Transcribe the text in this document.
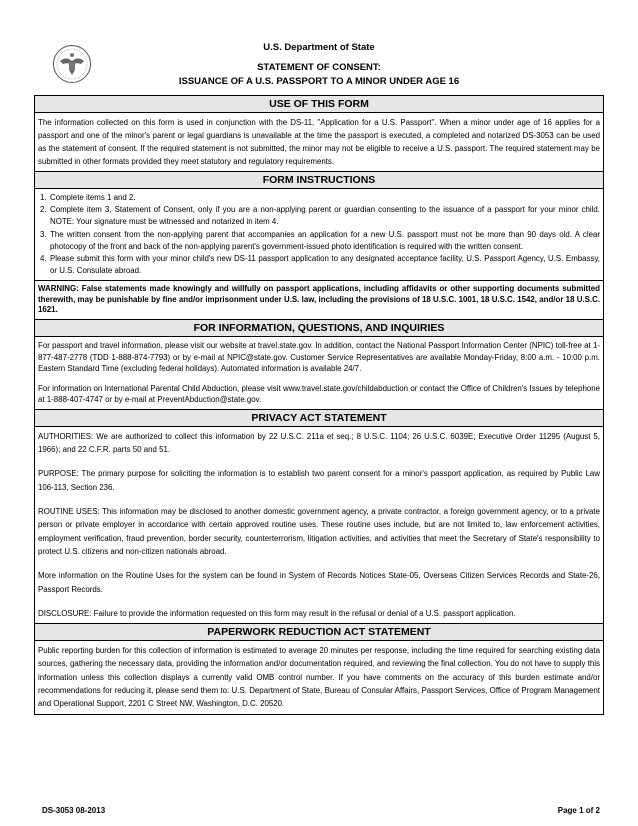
U.S. Department of State
STATEMENT OF CONSENT:
ISSUANCE OF A U.S. PASSPORT TO A MINOR UNDER AGE 16
USE OF THIS FORM

The information collected on this form is used in conjunction with the DS-11, "Application for a U.S. Passport". When a minor under age of 16 applies for a passport and one of the minor's parent or legal guardians is unavailable at the time the passport is executed, a completed and notarized DS-3053 can be used as the statement of consent. If the required statement is not submitted, the minor may not be eligible to receive a U.S. passport. The required statement may be submitted in other formats provided they meet statutory and regulatory requirements.

FORM INSTRUCTIONS
1. Complete items 1 and 2.
2. Complete item 3, Statement of Consent, only if you are a non-applying parent or guardian consenting to the issuance of a passport for your minor child. NOTE: Your signature must be witnessed and notarized in item 4.
3. The written consent from the non-applying parent that accompanies an application for a new U.S. passport must not be more than 90 days old. A clear photocopy of the front and back of the non-applying parent's government-issued photo identification is required with the written consent.
4. Please submit this form with your minor child's new DS-11 passport application to any designated acceptance facility, U.S. Passport Agency, U.S. Embassy, or U.S. Consulate abroad.
WARNING: False statements made knowingly and willfully on passport applications, including affidavits or other supporting documents submitted therewith, may be punishable by fine and/or imprisonment under U.S. law, including the provisions of 18 U.S.C. 1001, 18 U.S.C. 1542, and/or 18 U.S.C. 1621.
FOR INFORMATION, QUESTIONS, AND INQUIRIES

For passport and travel information, please visit our website at travel.state.gov. In addition, contact the National Passport Information Center (NPIC) toll-free at 1-877-487-2778 (TDD 1-888-874-7793) or by e-mail at NPIC@state.gov. Customer Service Representatives are available Monday-Friday, 8:00 a.m. - 10:00 p.m. Eastern Standard Time (excluding federal holidays). Automated information is available 24/7.

For information on International Parental Child Abduction, please visit www.travel.state.gov/childabduction or contact the Office of Children's Issues by telephone at 1-888-407-4747 or by e-mail at PreventAbduction@state.gov.

PRIVACY ACT STATEMENT

AUTHORITIES: We are authorized to collect this information by 22 U.S.C. 211a et seq.; 8 U.S.C. 1104; 26 U.S.C. 6039E; Executive Order 11295 (August 5, 1966); and 22 C.F.R. parts 50 and 51.

PURPOSE: The primary purpose for soliciting the information is to establish two parent consent for a minor's passport application, as required by Public Law 106-113, Section 236.

ROUTINE USES: This information may be disclosed to another domestic government agency, a private contractor, a foreign government agency, or to a private person or private employer in accordance with certain approved routine uses. These routine uses include, but are not limited to, law enforcement activities, employment verification, fraud prevention, border security, counterterrorism, litigation activities, and activities that meet the Secretary of State's responsibility to protect U.S. citizens and non-citizen nationals abroad.

More information on the Routine Uses for the system can be found in System of Records Notices State-05, Overseas Citizen Services Records and State-26, Passport Records.

DISCLOSURE: Failure to provide the information requested on this form may result in the refusal or denial of a U.S. passport application.

PAPERWORK REDUCTION ACT STATEMENT

Public reporting burden for this collection of information is estimated to average 20 minutes per response, including the time required for searching existing data sources, gathering the necessary data, providing the information and/or documentation required, and reviewing the final collection. You do not have to supply this information unless this collection displays a currently valid OMB control number. If you have comments on the accuracy of this burden estimate and/or recommendations for reducing it, please send them to: U.S. Department of State, Bureau of Consular Affairs, Passport Services, Office of Program Management and Operational Support, 2201 C Street NW, Washington, D.C. 20520.

DS-3053 08-2013	Page 1 of 2
